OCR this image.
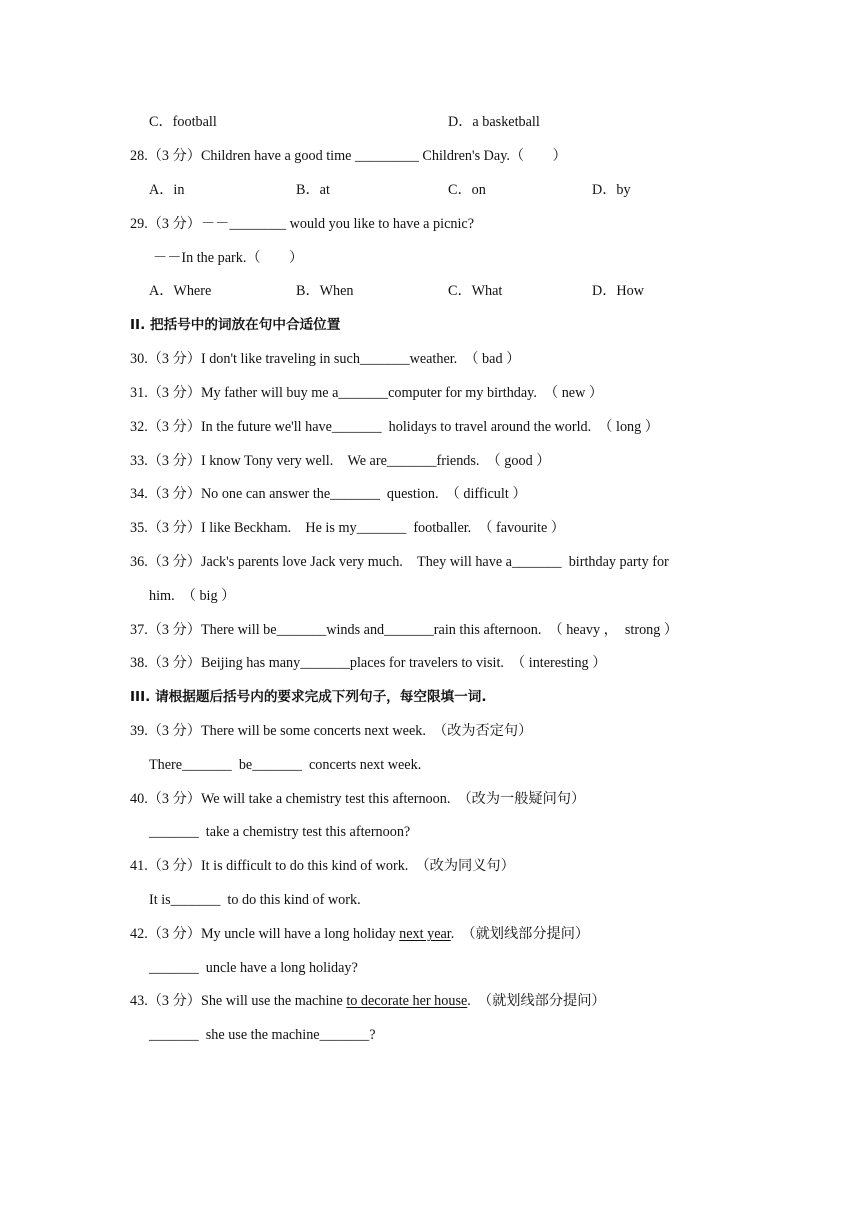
C．football	D．a basketball
28.（3 分）Children have a good time _________ Children's Day.（　　）
A．in	B．at	C．on	D．by
29.（3 分）－－________ would you like to have a picnic?
－－In the park.（　　）
A．Where	B．When	C．What	D．How
II. 把括号中的词放在句中合适位置
30.（3 分）I don't like traveling in such_______weather.　（ bad ）
31.（3 分）My father will buy me a_______computer for my birthday.　（ new ）
32.（3 分）In the future we'll have_______  holidays to travel around the world.　（ long ）
33.（3 分）I know Tony very well.　We are_______friends.　（ good ）
34.（3 分）No one can answer the_______  question.　（ difficult ）
35.（3 分）I like Beckham.　He is my_______  footballer.　（ favourite ）
36.（3 分）Jack's parents love Jack very much.　They will have a_______  birthday party for
him.　（ big ）
37.（3 分）There will be_______winds and_______rain this afternoon.　（ heavy ，  strong ）
38.（3 分）Beijing has many_______places for travelers to visit.　（ interesting ）
III. 请根据题后括号内的要求完成下列句子，每空限填一词.
39.（3 分）There will be some concerts next week.　（改为否定句）
There_______  be_______  concerts next week.
40.（3 分）We will take a chemistry test this afternoon.　（改为一般疑问句）
_______  take a chemistry test this afternoon?
41.（3 分）It is difficult to do this kind of work.　（改为同义句）
It is_______  to do this kind of work.
42.（3 分）My uncle will have a long holiday next year.　（就划线部分提问）
_______  uncle have a long holiday?
43.（3 分）She will use the machine to decorate her house.　（就划线部分提问）
_______  she use the machine_______?
